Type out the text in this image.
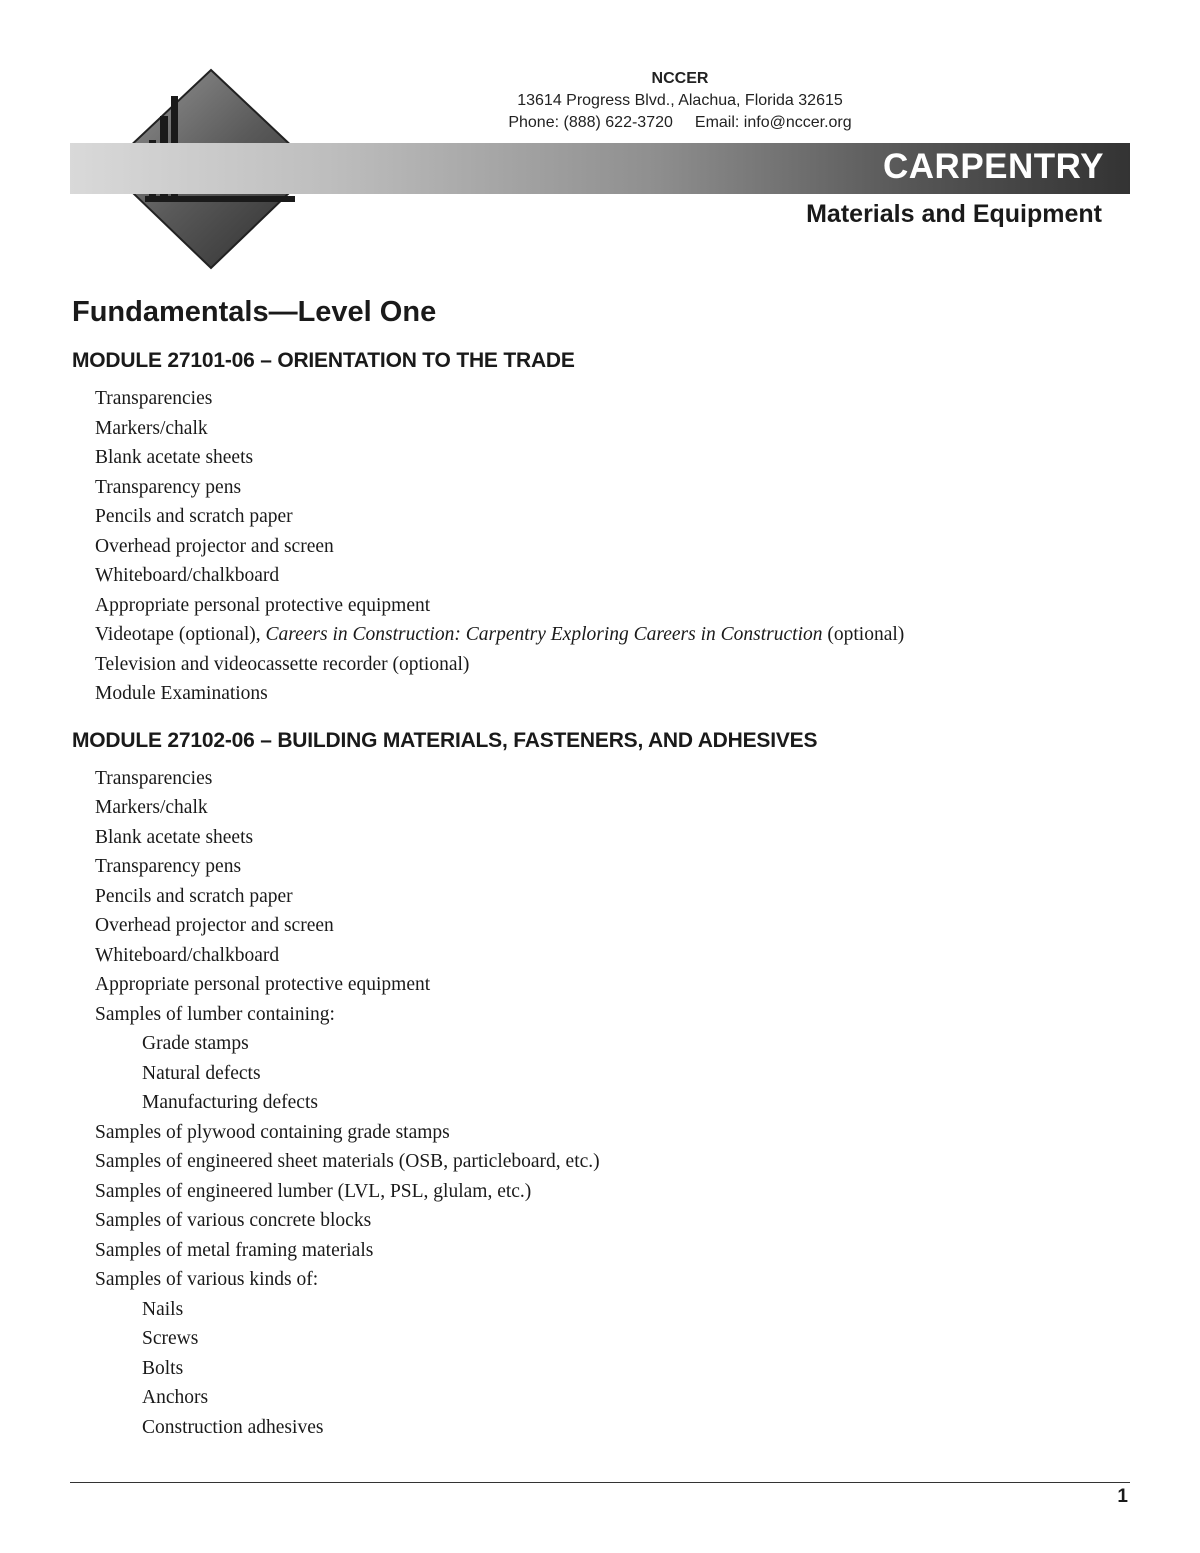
NCCER
13614 Progress Blvd., Alachua, Florida 32615
Phone: (888) 622-3720 Email: info@nccer.org
CARPENTRY
Materials and Equipment
Fundamentals—Level One
MODULE 27101-06 – ORIENTATION TO THE TRADE
Transparencies
Markers/chalk
Blank acetate sheets
Transparency pens
Pencils and scratch paper
Overhead projector and screen
Whiteboard/chalkboard
Appropriate personal protective equipment
Videotape (optional), Careers in Construction: Carpentry Exploring Careers in Construction (optional)
Television and videocassette recorder (optional)
Module Examinations
MODULE 27102-06 – BUILDING MATERIALS, FASTENERS, AND ADHESIVES
Transparencies
Markers/chalk
Blank acetate sheets
Transparency pens
Pencils and scratch paper
Overhead projector and screen
Whiteboard/chalkboard
Appropriate personal protective equipment
Samples of lumber containing:
Grade stamps
Natural defects
Manufacturing defects
Samples of plywood containing grade stamps
Samples of engineered sheet materials (OSB, particleboard, etc.)
Samples of engineered lumber (LVL, PSL, glulam, etc.)
Samples of various concrete blocks
Samples of metal framing materials
Samples of various kinds of:
Nails
Screws
Bolts
Anchors
Construction adhesives
1
